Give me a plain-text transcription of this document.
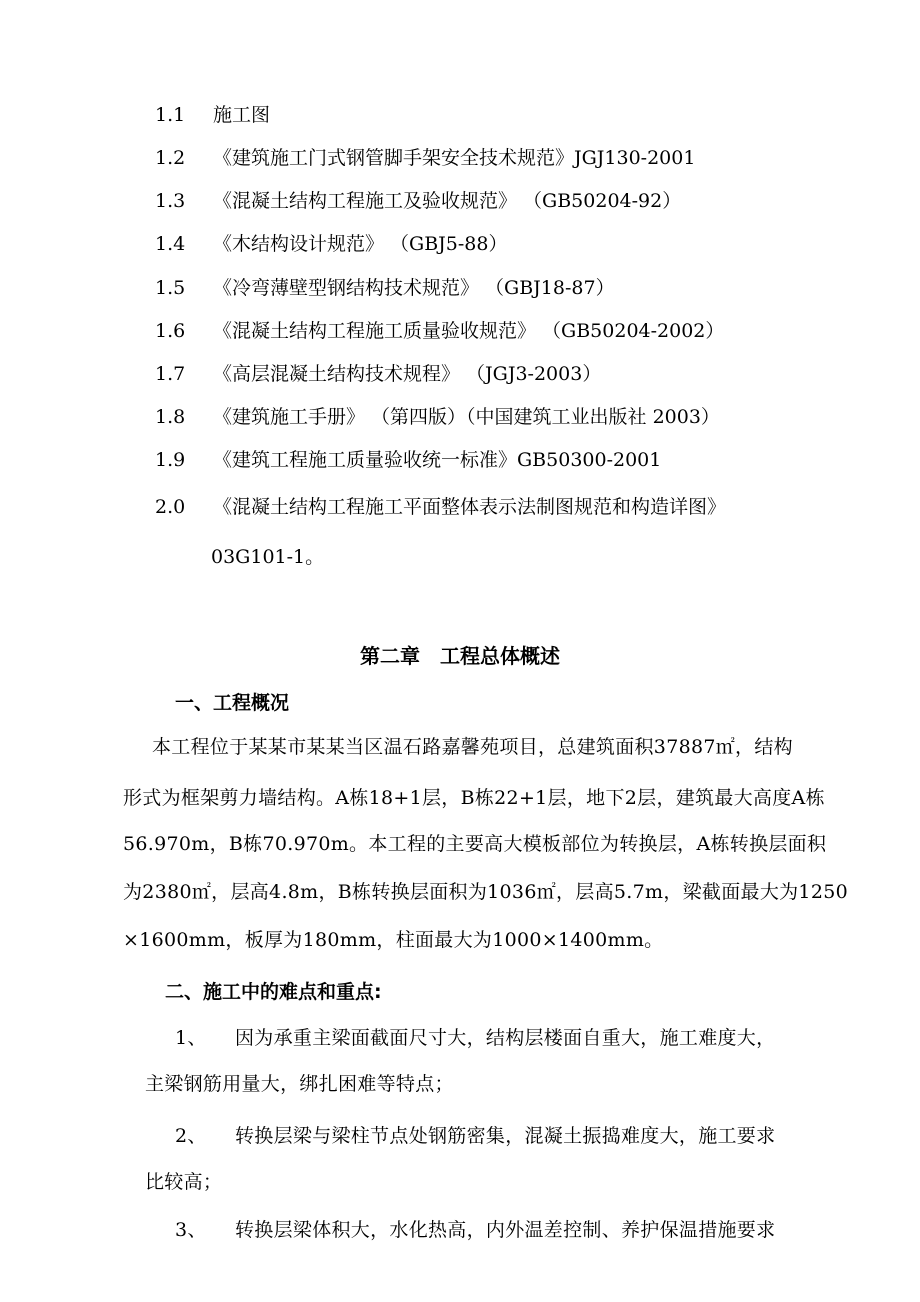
1.1 施工图
1.2 《建筑施工门式钢管脚手架安全技术规范》JGJ130-2001
1.3 《混凝土结构工程施工及验收规范》 （GB50204-92）
1.4 《木结构设计规范》 （GBJ5-88）
1.5 《冷弯薄壁型钢结构技术规范》 （GBJ18-87）
1.6 《混凝土结构工程施工质量验收规范》 （GB50204-2002）
1.7 《高层混凝土结构技术规程》 （JGJ3-2003）
1.8 《建筑施工手册》 （第四版）（中国建筑工业出版社 2003）
1.9 《建筑工程施工质量验收统一标准》GB50300-2001
2.0 《混凝土结构工程施工平面整体表示法制图规范和构造详图》
03G101-1。
第二章　工程总体概述
一、工程概况
本工程位于某某市某某当区温石路嘉馨苑项目，总建筑面积37887㎡，结构
形式为框架剪力墙结构。A栋18+1层，B栋22+1层，地下2层，建筑最大高度A栋
56.970m，B栋70.970m。本工程的主要高大模板部位为转换层，A栋转换层面积
为2380㎡，层高4.8m，B栋转换层面积为1036㎡，层高5.7m，梁截面最大为1250
×1600mm，板厚为180mm，柱面最大为1000×1400mm。
二、施工中的难点和重点:
1、 因为承重主梁面截面尺寸大，结构层楼面自重大，施工难度大，
主梁钢筋用量大，绑扎困难等特点；
2、 转换层梁与梁柱节点处钢筋密集，混凝土振捣难度大，施工要求
比较高；
3、 转换层梁体积大，水化热高，内外温差控制、养护保温措施要求
